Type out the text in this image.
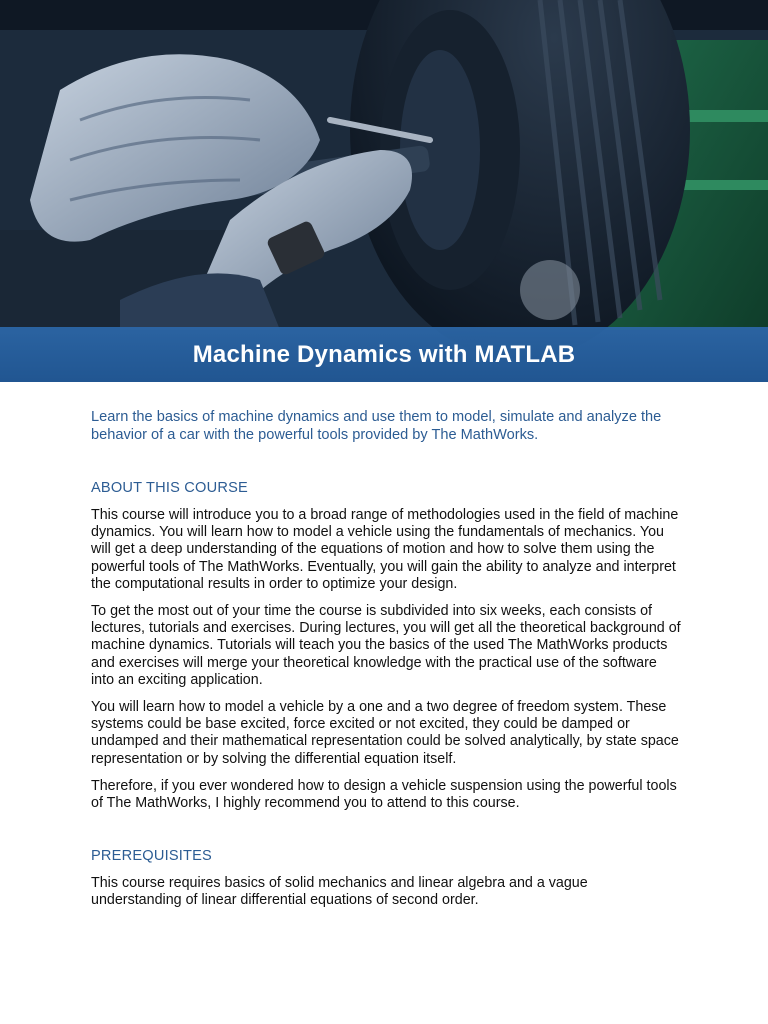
Machine Dynamics with MATLAB

Learn the basics of machine dynamics and use them to model, simulate and analyze the behavior of a car with the powerful tools provided by The MathWorks.

ABOUT THIS COURSE

This course will introduce you to a broad range of methodologies used in the field of machine dynamics. You will learn how to model a vehicle using the fundamentals of mechanics. You will get a deep understanding of the equations of motion and how to solve them using the powerful tools of The MathWorks. Eventually, you will gain the ability to analyze and interpret the computational results in order to optimize your design.

To get the most out of your time the course is subdivided into six weeks, each consists of lectures, tutorials and exercises. During lectures, you will get all the theoretical background of machine dynamics. Tutorials will teach you the basics of the used The MathWorks products and exercises will merge your theoretical knowledge with the practical use of the software into an exciting application.

You will learn how to model a vehicle by a one and a two degree of freedom system. These systems could be base excited, force excited or not excited, they could be damped or undamped and their mathematical representation could be solved analytically, by state space representation or by solving the differential equation itself.

Therefore, if you ever wondered how to design a vehicle suspension using the powerful tools of The MathWorks, I highly recommend you to attend to this course.

PREREQUISITES

This course requires basics of solid mechanics and linear algebra and a vague understanding of linear differential equations of second order.
